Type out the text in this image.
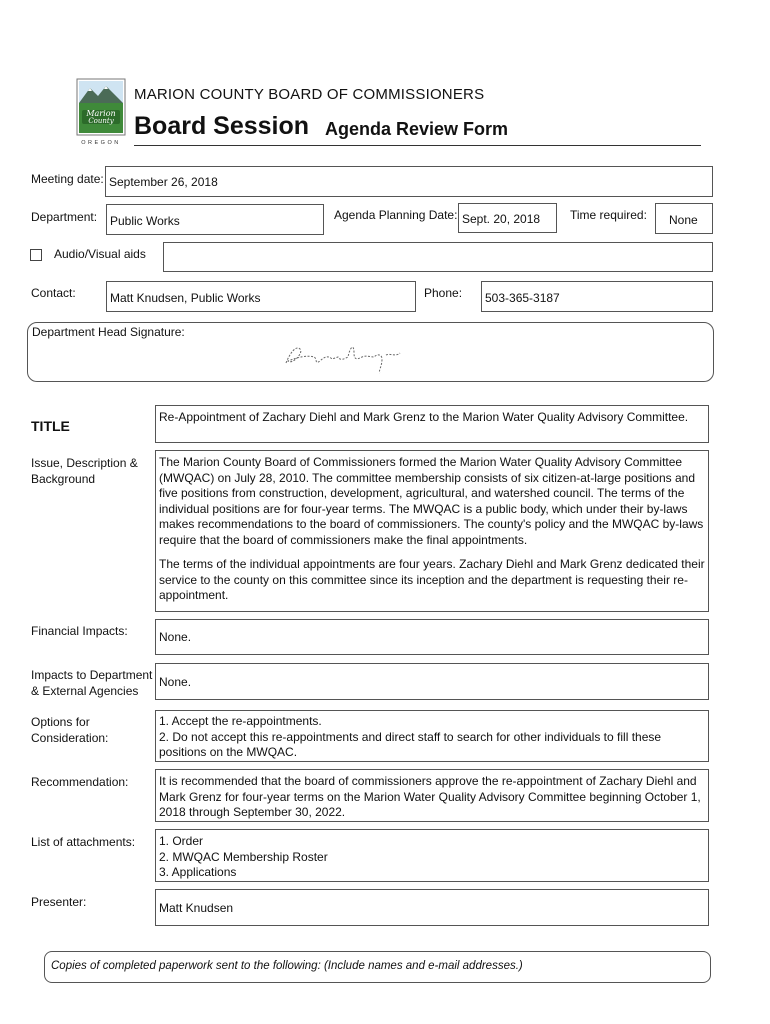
Marion
County
OREGON
MARION COUNTY BOARD OF COMMISSIONERS
Board Session Agenda Review Form
Meeting date: September 26, 2018
Department: Public Works	Agenda Planning Date: Sept. 20, 2018 Time required: None
Audio/Visual aids
Contact:	Matt Knudsen, Public Works	Phone: 503-365-3187
Department Head Signature:
TITLE

Re-Appointment of Zachary Diehl and Mark Grenz to the Marion Water Quality Advisory Committee.

Issue, Description & Background

The Marion County Board of Commissioners formed the Marion Water Quality Advisory Committee (MWQAC) on July 28, 2010. The committee membership consists of six citizen-at-large positions and five positions from construction, development, agricultural, and watershed council. The terms of the individual positions are for four-year terms. The MWQAC is a public body, which under their by-laws makes recommendations to the board of commissioners. The county's policy and the MWQAC by-laws require that the board of commissioners make the final appointments.

The terms of the individual appointments are four years. Zachary Diehl and Mark Grenz dedicated their service to the county on this committee since its inception and the department is requesting their re-appointment.

Financial Impacts:	None.

Impacts to Department & External Agencies

None.

Options for Consideration:

1. Accept the re-appointments.

2. Do not accept this re-appointments and direct staff to search for other individuals to fill these positions on the MWQAC.

Recommendation:	It is recommended that the board of commissioners approve the re-appointment of Zachary Diehl and Mark Grenz for four-year terms on the Marion Water Quality Advisory Committee beginning October 1, 2018 through September 30, 2022.

List of attachments: 1. Order

2. MWQAC Membership Roster

3. Applications

Presenter:	Matt Knudsen

Copies of completed paperwork sent to the following: (Include names and e-mail addresses.)
